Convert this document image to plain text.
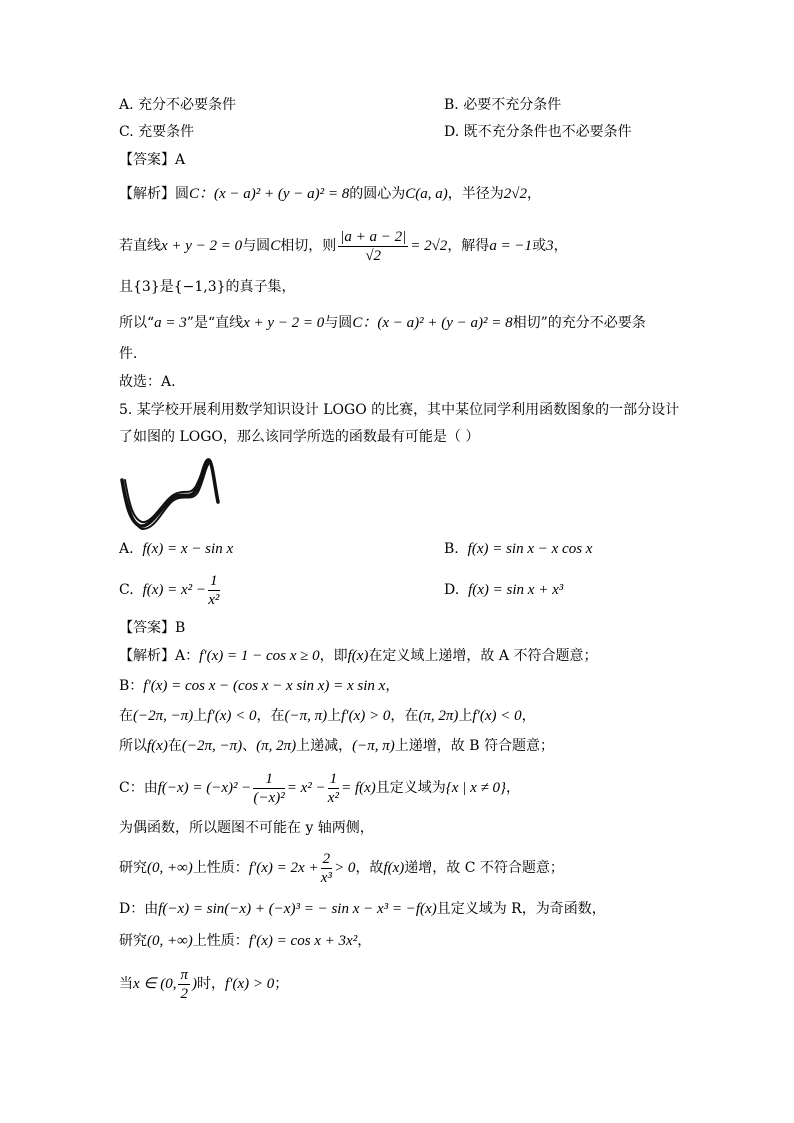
A. 充分不必要条件	B. 必要不充分条件
C. 充要条件	D. 既不充分条件也不必要条件
【答案】A
【解析】圆C：(x − a)² + (y − a)² = 8的圆心为C(a, a)，半径为2√2，
若直线x + y − 2 = 0与圆C相切，则 $\frac{|a + a - 2|}{√2} = 2√2$，解得a = −1或3，
且{3}是{−1,3}的真子集，
所以“a = 3”是“直线x + y − 2 = 0与圆C：(x − a)² + (y − a)² = 8相切”的充分不必要条
件．
故选：A.
5. 某学校开展利用数学知识设计 LOGO 的比赛，其中某位同学利用函数图象的一部分设计
了如图的 LOGO，那么该同学所选的函数最有可能是（ ）
A. f(x) = x − sin x	B. f(x) = sin x − x cos x
C. $f(x) = x^2 - \frac{1}{\text{x²}}$	D. f(x) = sin x + x³
【答案】B
【解析】A：f′(x) = 1 − cos x ≥ 0，即f(x)在定义域上递增，故 A 不符合题意；
B：f′(x) = cos x − (cos x − x sin x) = x sin x，
在(−2π, −π)上f′(x) < 0，在(−π, π)上f′(x) > 0，在(π, 2π)上f′(x) < 0，
所以f(x)在(−2π, −π)、(π, 2π)上递减，(−π, π)上递增，故 B 符合题意；
C：由$f(-x) = (-x)^2 - \frac{1}{\text{(−x)²}} = x^2 - \frac{1}{\text{x²}} = f(x)$且定义域为{x | x ≠ 0}，
为偶函数，所以题图不可能在 y 轴两侧，
研究(0, +∞)上性质：$f'(x) = 2x + \frac{2}{\text{x³}} > 0$，故f(x)递增，故 C 不符合题意；
D：由f(−x) = sin(−x) + (−x)³ = − sin x − x³ = −f(x)且定义域为 R，为奇函数，
研究(0, +∞)上性质：f′(x) = cos x + 3x²，
当x ∈ (0, $\frac{\pi}{2}$ )时，f′(x) > 0；
